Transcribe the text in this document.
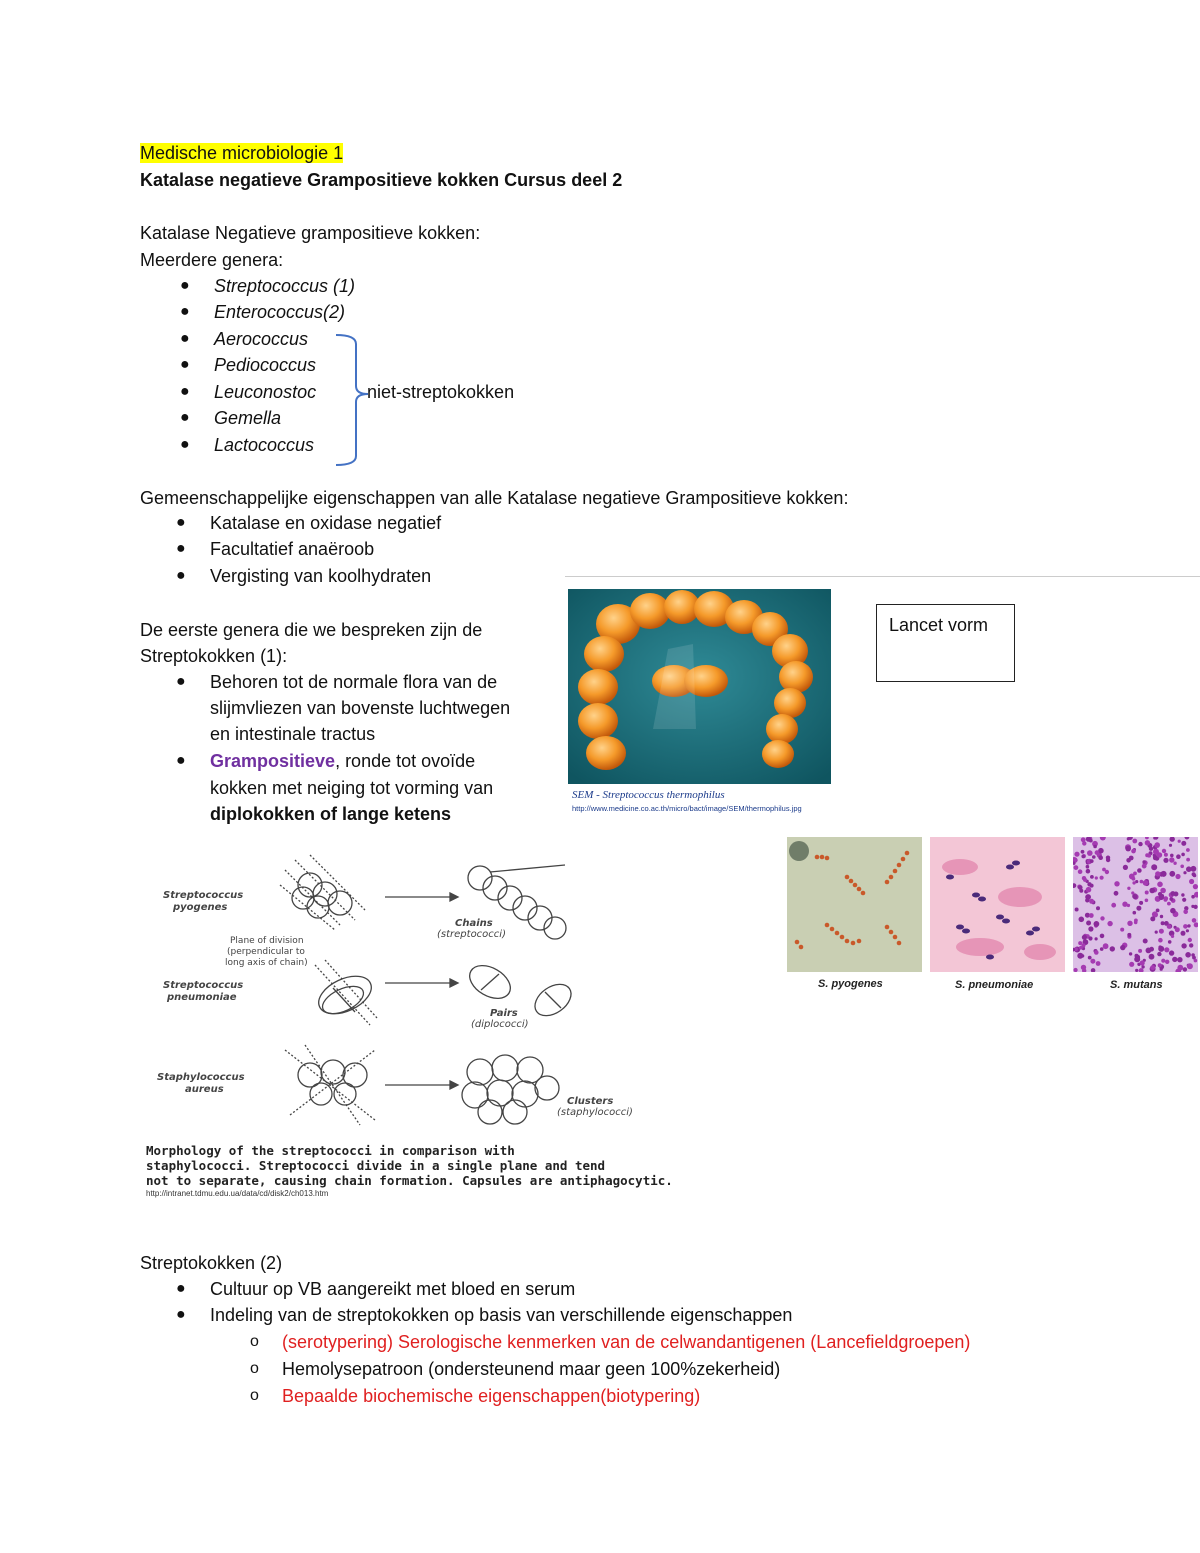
Medische microbiologie 1
Katalase negatieve Grampositieve kokken Cursus deel 2
Katalase Negatieve grampositieve kokken:
Meerdere genera:
● Streptococcus (1)
● Enterococcus(2)
● Aerococcus
● Pediococcus
● Leuconostoc
● Gemella
● Lactococcus
niet-streptokokken
Gemeenschappelijke eigenschappen van alle Katalase negatieve Grampositieve kokken:
● Katalase en oxidase negatief
● Facultatief anaëroob
● Vergisting van koolhydraten
De eerste genera die we bespreken zijn de
Streptokokken (1):
● Behoren tot de normale flora van de
slijmvliezen van bovenste luchtwegen
en intestinale tractus
● Grampositieve, ronde tot ovoïde
kokken met neiging tot vorming van
diplokokken of lange ketens
SEM - Streptococcus thermophilus
http://www.medicine.co.ac.th/micro/bact/image/SEM/thermophilus.jpg
Lancet vorm
S. pyogenes	S. pneumoniae	S. mutans
Streptococcus
pyogenes
Plane of division
(perpendicular to
long axis of chain)
Streptococcus
pneumoniae
Staphylococcus
aureus
Chains
(streptococci)
Pairs
(diplococci)
Clusters
(staphylococci)
Morphology of the streptococci in comparison with
staphylococci. Streptococci divide in a single plane and tend
not to separate, causing chain formation. Capsules are antiphagocytic.
http://intranet.tdmu.edu.ua/data/cd/disk2/ch013.htm
Streptokokken (2)
● Cultuur op VB aangereikt met bloed en serum
● Indeling van de streptokokken op basis van verschillende eigenschappen
o (serotypering) Serologische kenmerken van de celwandantigenen (Lancefieldgroepen)
o Hemolysepatroon (ondersteunend maar geen 100%zekerheid)
o Bepaalde biochemische eigenschappen(biotypering)
